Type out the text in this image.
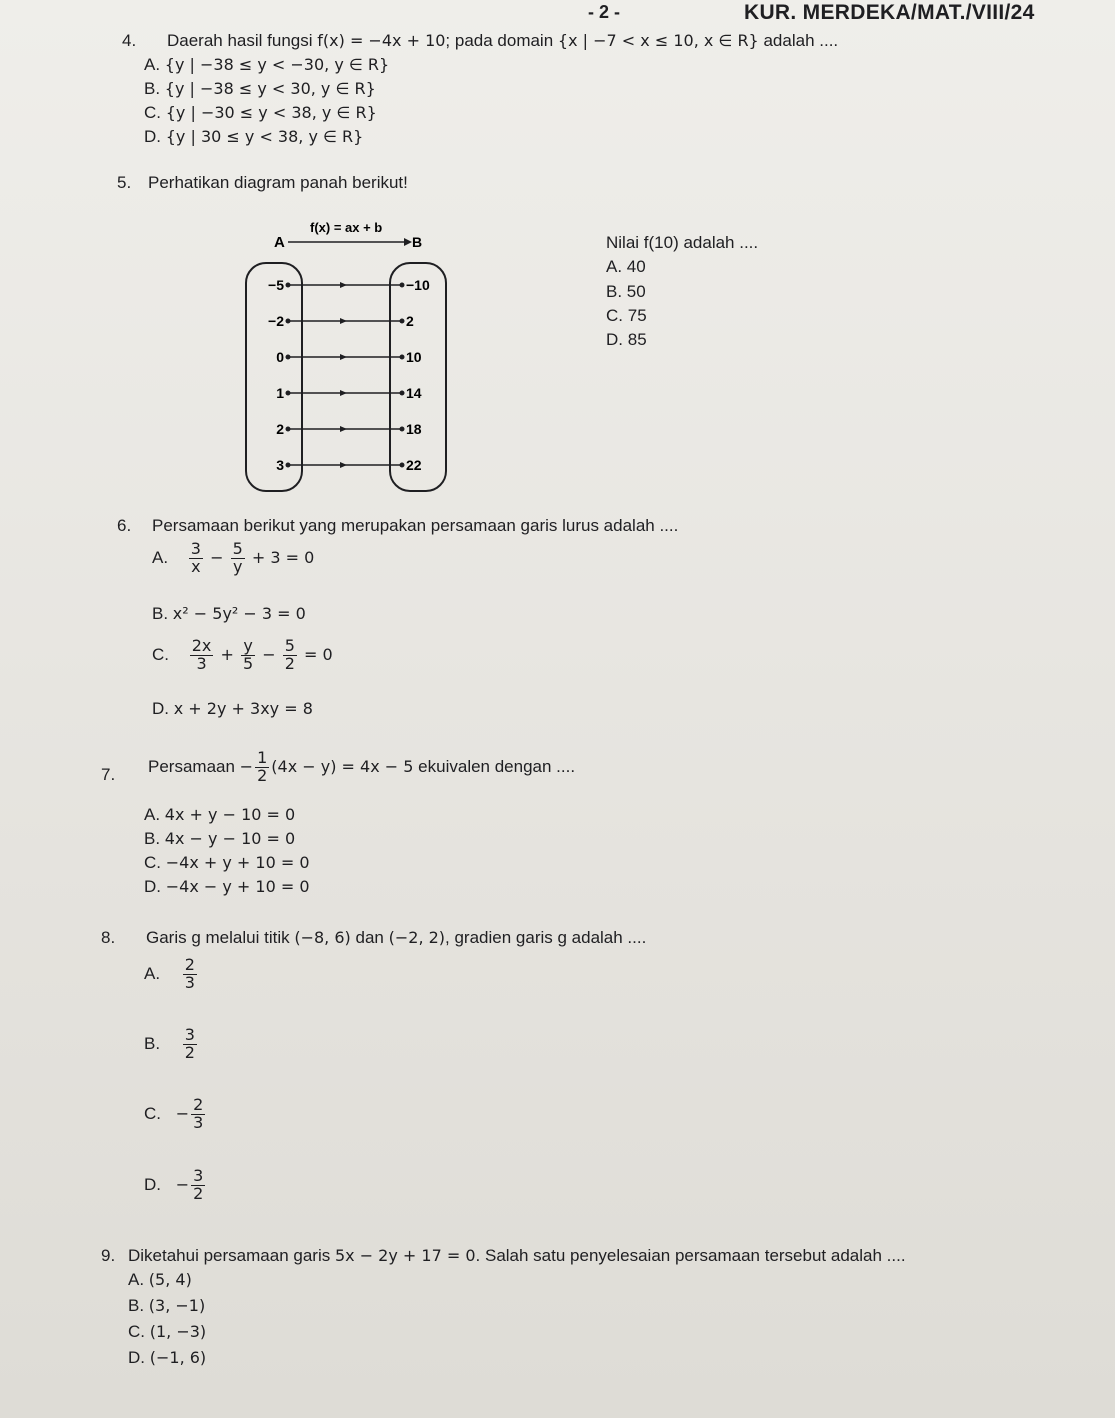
- 2 -	KUR. MERDEKA/MAT./VIII/24
4. Daerah hasil fungsi f(x) = −4x + 10; pada domain {x | −7 < x ≤ 10, x ∈ R} adalah ....
A. {y | −38 ≤ y < −30, y ∈ R}
B. {y | −38 ≤ y < 30, y ∈ R}
C. {y | −30 ≤ y < 38, y ∈ R}
D. {y | 30 ≤ y < 38, y ∈ R}
5. Perhatikan diagram panah berikut!
A	B
f(x) = ax + b
−5	−10
−2	2
0	10
1	14
2	18
3	22
Nilai f(10) adalah ....
A. 40
B. 50
C. 75
D. 85
6. Persamaan berikut yang merupakan persamaan garis lurus adalah ....
A. $\frac{3}{x} - \frac{5}{y} + 3 = 0$
B. x² − 5y² − 3 = 0
C. $\frac{2x}{3} + \frac{y}{5} - \frac{5}{2} = 0$
D. x + 2y + 3xy = 8
7. Persamaan − $\frac{1}{2} (4x - y) = 4x - 5$ ekuivalen dengan ....
A. 4x + y − 10 = 0
B. 4x − y − 10 = 0
C. −4x + y + 10 = 0
D. −4x − y + 10 = 0
8. Garis g melalui titik (−8, 6) dan (−2, 2), gradien garis g adalah ....
A. $\frac{2}{3}$
B. $\frac{3}{2}$
C. − $\frac{2}{3}$
D. − $\frac{3}{2}$
9. Diketahui persamaan garis 5x − 2y + 17 = 0. Salah satu penyelesaian persamaan tersebut adalah ....
A. (5, 4)
B. (3, −1)
C. (1, −3)
D. (−1, 6)
